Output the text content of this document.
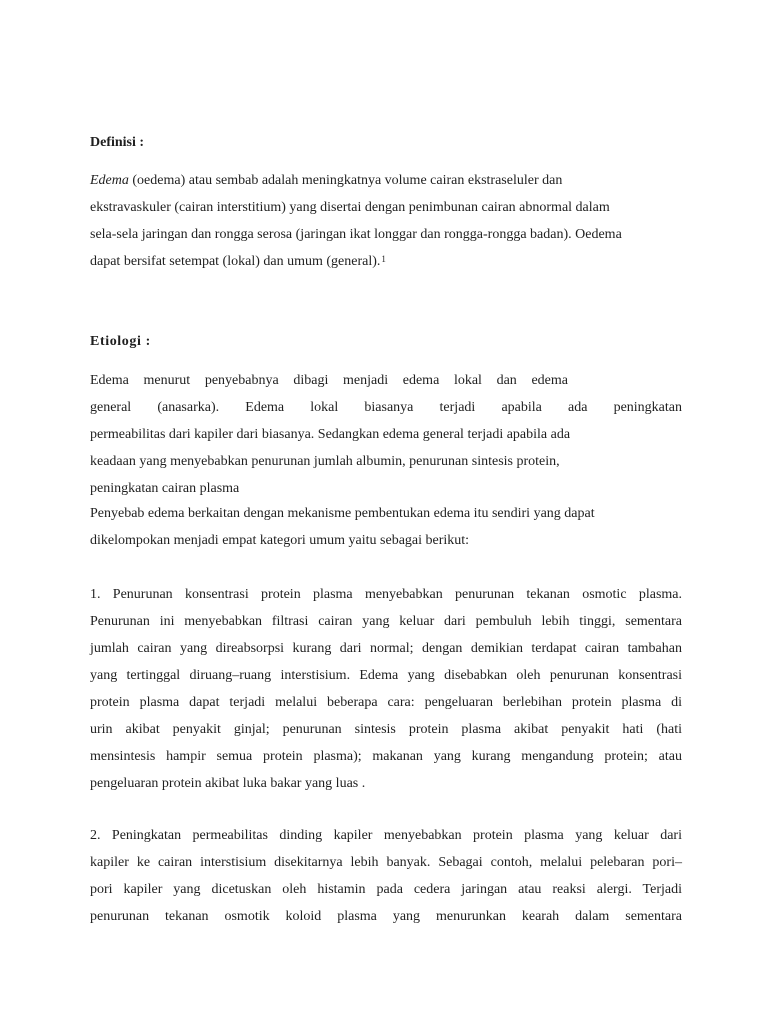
Definisi :

Edema (oedema) atau sembab adalah meningkatnya volume cairan ekstraseluler dan

ekstravaskuler (cairan interstitium) yang disertai dengan penimbunan cairan abnormal dalam

sela-sela jaringan dan rongga serosa (jaringan ikat longgar dan rongga-rongga badan). Oedema

dapat bersifat setempat (lokal) dan umum (general).$^1$

Etiologi :

Edema menurut penyebabnya dibagi menjadi edema lokal dan edema

general (anasarka). Edema lokal biasanya terjadi apabila ada peningkatan

permeabilitas dari kapiler dari biasanya. Sedangkan edema general terjadi apabila ada

keadaan yang menyebabkan penurunan jumlah albumin, penurunan sintesis protein,

peningkatan cairan plasma

Penyebab edema berkaitan dengan mekanisme pembentukan edema itu sendiri yang dapat

dikelompokan menjadi empat kategori umum yaitu sebagai berikut:

1. Penurunan konsentrasi protein plasma menyebabkan penurunan tekanan osmotic plasma.

Penurunan ini menyebabkan filtrasi cairan yang keluar dari pembuluh lebih tinggi, sementara

jumlah cairan yang direabsorpsi kurang dari normal; dengan demikian terdapat cairan tambahan

yang tertinggal diruang–ruang interstisium. Edema yang disebabkan oleh penurunan konsentrasi

protein plasma dapat terjadi melalui beberapa cara: pengeluaran berlebihan protein plasma di

urin akibat penyakit ginjal; penurunan sintesis protein plasma akibat penyakit hati (hati

mensintesis hampir semua protein plasma); makanan yang kurang mengandung protein; atau

pengeluaran protein akibat luka bakar yang luas .

2. Peningkatan permeabilitas dinding kapiler menyebabkan protein plasma yang keluar dari

kapiler ke cairan interstisium disekitarnya lebih banyak. Sebagai contoh, melalui pelebaran pori–

pori kapiler yang dicetuskan oleh histamin pada cedera jaringan atau reaksi alergi. Terjadi

penurunan tekanan osmotik koloid plasma yang menurunkan kearah dalam sementara
